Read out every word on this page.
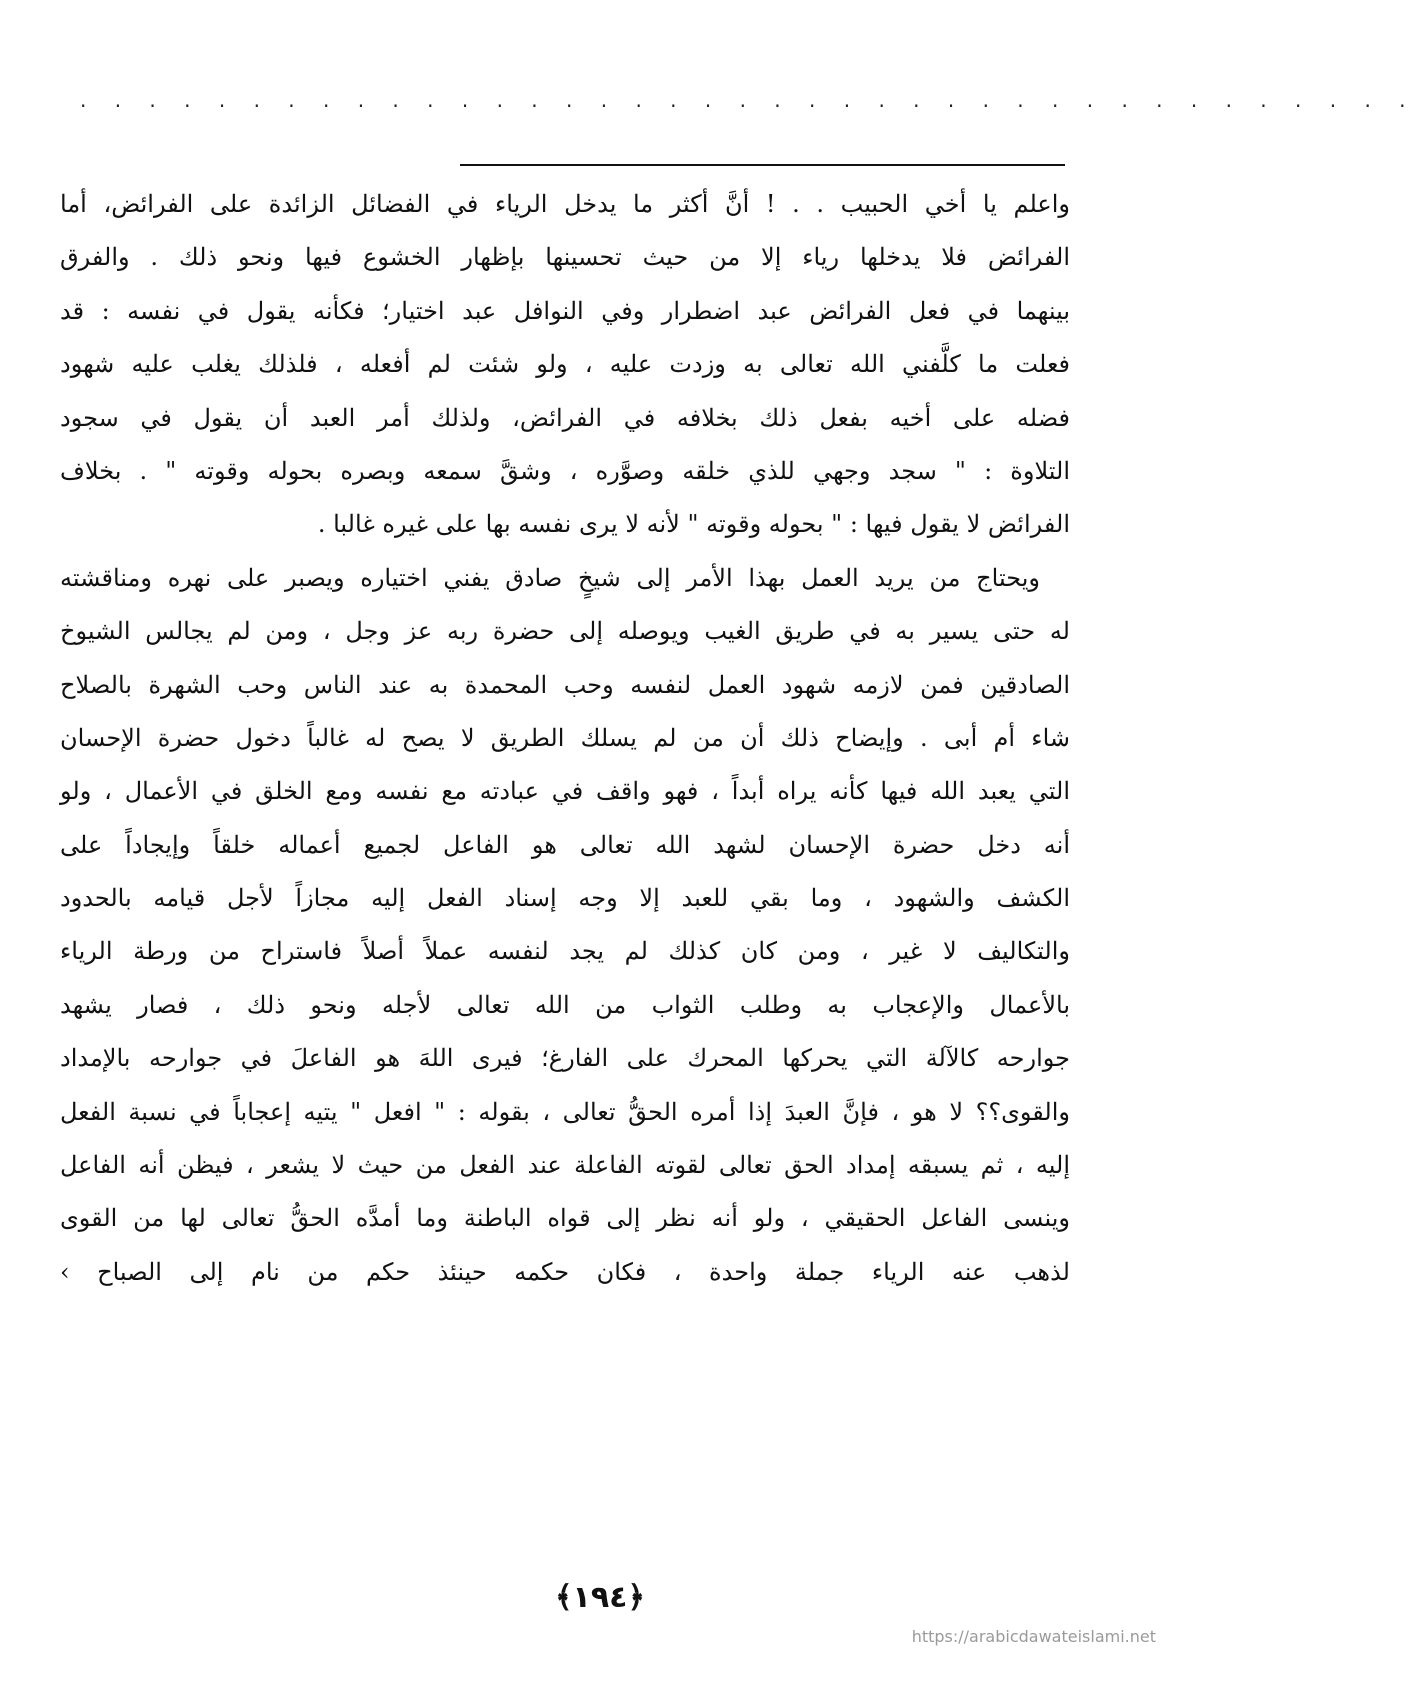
. . . . . . . . . . . . . . . . . . . . . . . . . . . . . . . . . . . . . . .
واعلم يا أخي الحبيب . . ! أنَّ أكثر ما يدخل الرياء في الفضائل الزائدة على الفرائض، أما
الفرائض فلا يدخلها رياء إلا من حيث تحسينها بإظهار الخشوع فيها ونحو ذلك . والفرق
بينهما في فعل الفرائض عبد اضطرار وفي النوافل عبد اختيار؛ فكأنه يقول في نفسه : قد
فعلت ما كلَّفني الله تعالى به وزدت عليه ، ولو شئت لم أفعله ، فلذلك يغلب عليه شهود
فضله على أخيه بفعل ذلك بخلافه في الفرائض، ولذلك أمر العبد أن يقول في سجود
التلاوة : " سجد وجهي للذي خلقه وصوَّره ، وشقَّ سمعه وبصره بحوله وقوته " . بخلاف
الفرائض لا يقول فيها : " بحوله وقوته " لأنه لا يرى نفسه بها على غيره غالبا .
ويحتاج من يريد العمل بهذا الأمر إلى شيخٍ صادق يفني اختياره ويصبر على نهره ومناقشته
له حتى يسير به في طريق الغيب ويوصله إلى حضرة ربه عز وجل ، ومن لم يجالس الشيوخ
الصادقين فمن لازمه شهود العمل لنفسه وحب المحمدة به عند الناس وحب الشهرة بالصلاح
شاء أم أبى . وإيضاح ذلك أن من لم يسلك الطريق لا يصح له غالباً دخول حضرة الإحسان
التي يعبد الله فيها كأنه يراه أبداً ، فهو واقف في عبادته مع نفسه ومع الخلق في الأعمال ، ولو
أنه دخل حضرة الإحسان لشهد الله تعالى هو الفاعل لجميع أعماله خلقاً وإيجاداً على
الكشف والشهود ، وما بقي للعبد إلا وجه إسناد الفعل إليه مجازاً لأجل قيامه بالحدود
والتكاليف لا غير ، ومن كان كذلك لم يجد لنفسه عملاً أصلاً فاستراح من ورطة الرياء
بالأعمال والإعجاب به وطلب الثواب من الله تعالى لأجله ونحو ذلك ، فصار يشهد
جوارحه كالآلة التي يحركها المحرك على الفارغ؛ فيرى اللهَ هو الفاعلَ في جوارحه بالإمداد
والقوى؟؟ لا هو ، فإنَّ العبدَ إذا أمره الحقُّ تعالى ، بقوله : " افعل " يتيه إعجاباً في نسبة الفعل
إليه ، ثم يسبقه إمداد الحق تعالى لقوته الفاعلة عند الفعل من حيث لا يشعر ، فيظن أنه الفاعل
وينسى الفاعل الحقيقي ، ولو أنه نظر إلى قواه الباطنة وما أمدَّه الحقُّ تعالى لها من القوى
لذهب عنه الرياء جملة واحدة ، فكان حكمه حينئذ حكم من نام إلى الصباح ›
﴿١٩٤﴾
https://arabicdawateislami.net
